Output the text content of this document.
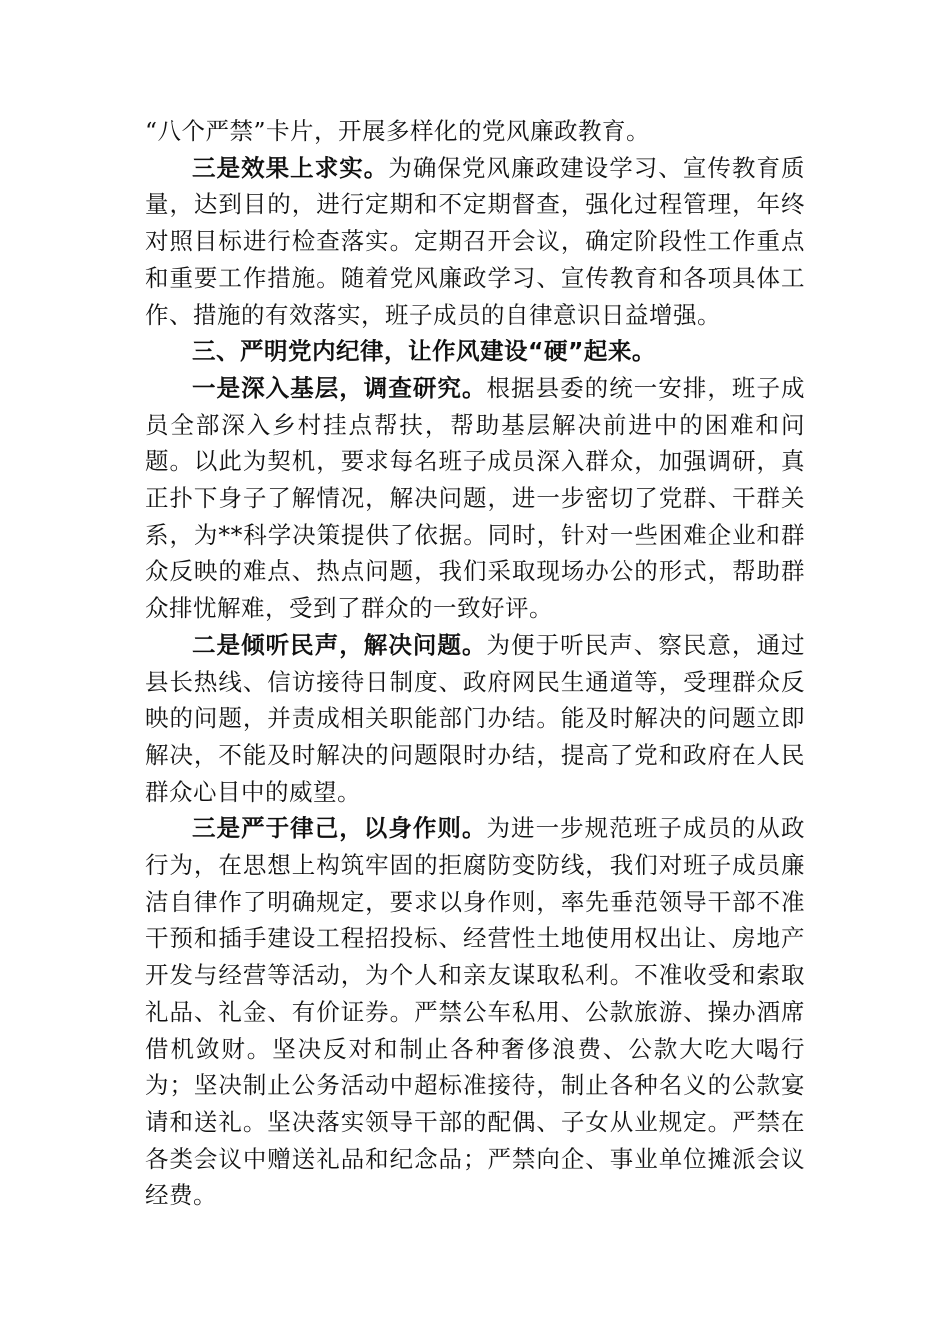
“八个严禁”卡片，开展多样化的党风廉政教育。

三是效果上求实。为确保党风廉政建设学习、宣传教育质量，达到目的，进行定期和不定期督查，强化过程管理，年终对照目标进行检查落实。定期召开会议，确定阶段性工作重点和重要工作措施。随着党风廉政学习、宣传教育和各项具体工作、措施的有效落实，班子成员的自律意识日益增强。

三、严明党内纪律，让作风建设“硬”起来。

一是深入基层，调查研究。根据县委的统一安排，班子成员全部深入乡村挂点帮扶，帮助基层解决前进中的困难和问题。以此为契机，要求每名班子成员深入群众，加强调研，真正扑下身子了解情况，解决问题，进一步密切了党群、干群关系，为**科学决策提供了依据。同时，针对一些困难企业和群众反映的难点、热点问题，我们采取现场办公的形式，帮助群众排忧解难，受到了群众的一致好评。

二是倾听民声，解决问题。为便于听民声、察民意，通过县长热线、信访接待日制度、政府网民生通道等，受理群众反映的问题，并责成相关职能部门办结。能及时解决的问题立即解决，不能及时解决的问题限时办结，提高了党和政府在人民群众心目中的威望。

三是严于律己，以身作则。为进一步规范班子成员的从政行为，在思想上构筑牢固的拒腐防变防线，我们对班子成员廉洁自律作了明确规定，要求以身作则，率先垂范领导干部不准干预和插手建设工程招投标、经营性土地使用权出让、房地产开发与经营等活动，为个人和亲友谋取私利。不准收受和索取礼品、礼金、有价证券。严禁公车私用、公款旅游、操办酒席借机敛财。坚决反对和制止各种奢侈浪费、公款大吃大喝行为；坚决制止公务活动中超标准接待，制止各种名义的公款宴请和送礼。坚决落实领导干部的配偶、子女从业规定。严禁在各类会议中赠送礼品和纪念品；严禁向企、事业单位摊派会议经费。
